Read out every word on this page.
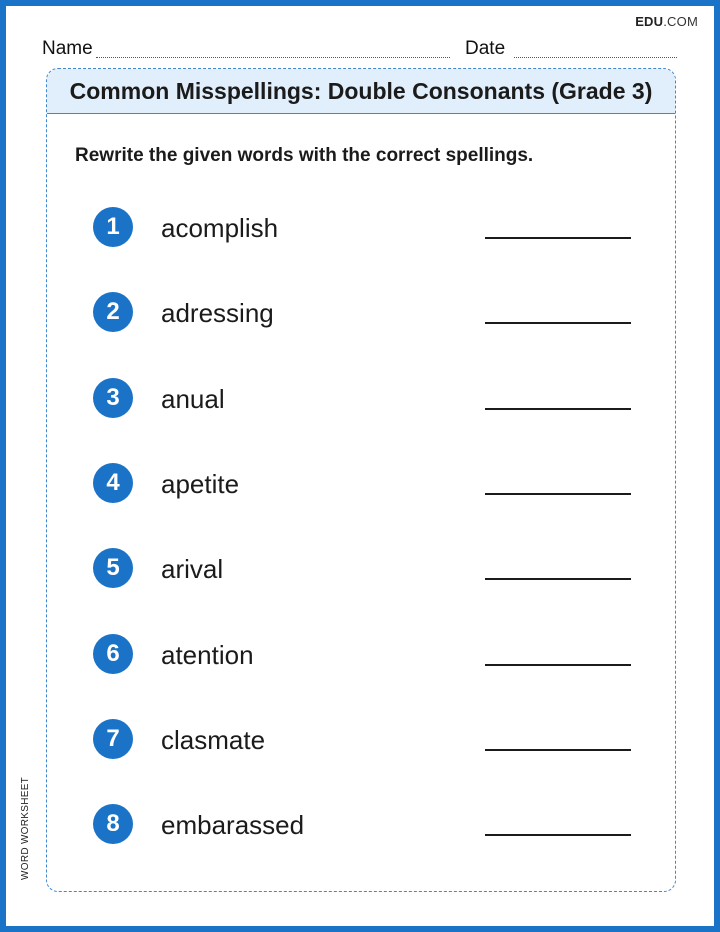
EDU.COM
Name	Date
Common Misspellings: Double Consonants (Grade 3)
Rewrite the given words with the correct spellings.
1	acomplish
2	adressing
3	anual
4	apetite
5	arival
6	atention
7	clasmate
8	embarassed
WORD WORKSHEET
